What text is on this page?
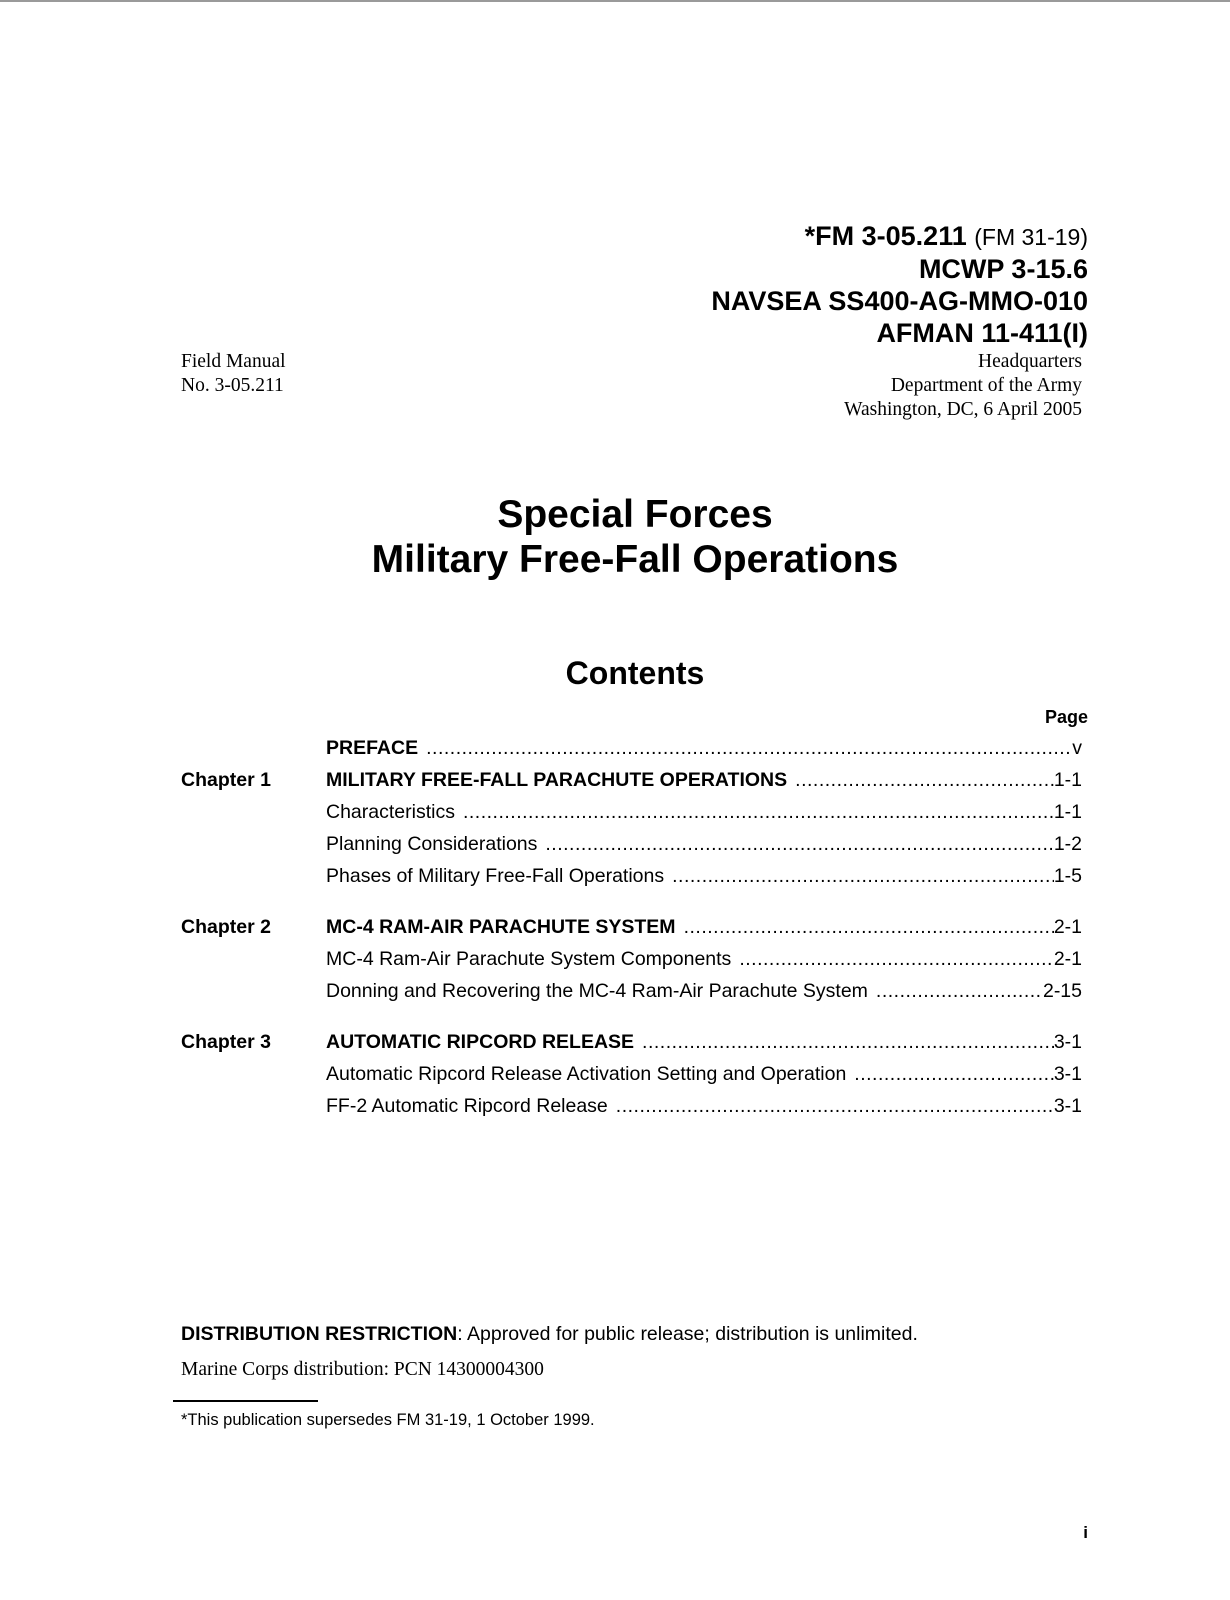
*FM 3-05.211 (FM 31-19)
MCWP 3-15.6
NAVSEA SS400-AG-MMO-010
AFMAN 11-411(I)
Field Manual
No. 3-05.211
Headquarters
Department of the Army
Washington, DC, 6 April 2005
Special Forces
Military Free-Fall Operations
Contents
Page
PREFACE .....	v
Chapter 1	MILITARY FREE-FALL PARACHUTE OPERATIONS .....	1-1
Characteristics .....	1-1
Planning Considerations .....	1-2
Phases of Military Free-Fall Operations .....	1-5
Chapter 2	MC-4 RAM-AIR PARACHUTE SYSTEM .....	2-1
MC-4 Ram-Air Parachute System Components .....	2-1
Donning and Recovering the MC-4 Ram-Air Parachute System .....	2-15
Chapter 3	AUTOMATIC RIPCORD RELEASE .....	3-1
Automatic Ripcord Release Activation Setting and Operation .....	3-1
FF-2 Automatic Ripcord Release .....	3-1
DISTRIBUTION RESTRICTION: Approved for public release; distribution is unlimited.
Marine Corps distribution: PCN 14300004300
*This publication supersedes FM 31-19, 1 October 1999.
i
